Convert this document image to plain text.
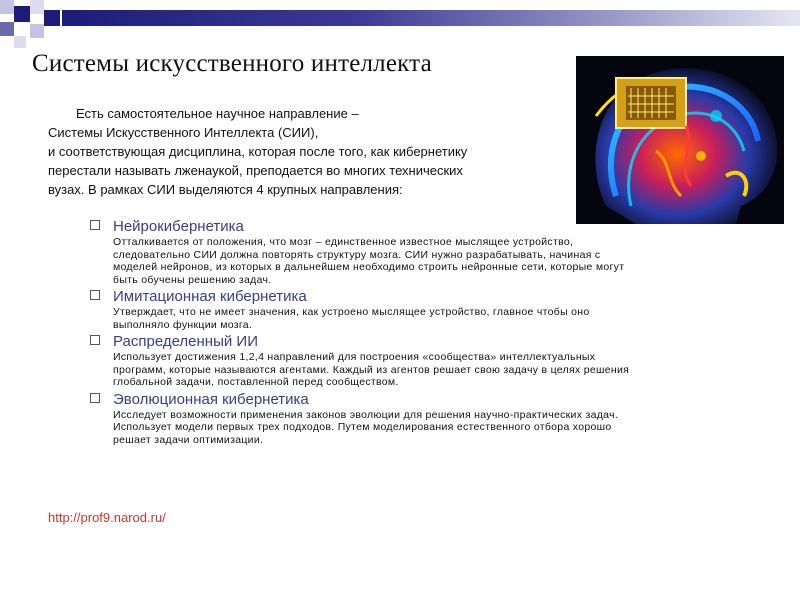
Системы искусственного интеллекта
Есть самостоятельное научное направление –
Системы Искусственного Интеллекта (СИИ),
и соответствующая дисциплина, которая после того, как кибернетику
перестали называть лженаукой, преподается во многих технических
вузах. В рамках СИИ выделяются 4 крупных направления:
Нейрокибернетика
Отталкивается от положения, что мозг – единственное известное мыслящее устройство,
следовательно СИИ должна повторять структуру мозга. СИИ нужно разрабатывать, начиная с
моделей нейронов, из которых в дальнейшем необходимо строить нейронные сети, которые могут
быть обучены решению задач.
Имитационная кибернетика
Утверждает, что не имеет значения, как устроено мыслящее устройство, главное чтобы оно
выполняло функции мозга.
Распределенный ИИ
Использует достижения 1,2,4 направлений для построения «сообщества» интеллектуальных
программ, которые называются агентами. Каждый из агентов решает свою задачу в целях решения
глобальной задачи, поставленной перед сообществом.
Эволюционная кибернетика
Исследует возможности применения законов эволюции для решения научно-практических задач.
Использует модели первых трех подходов. Путем моделирования естественного отбора хорошо
решает задачи оптимизации.
http://prof9.narod.ru/
